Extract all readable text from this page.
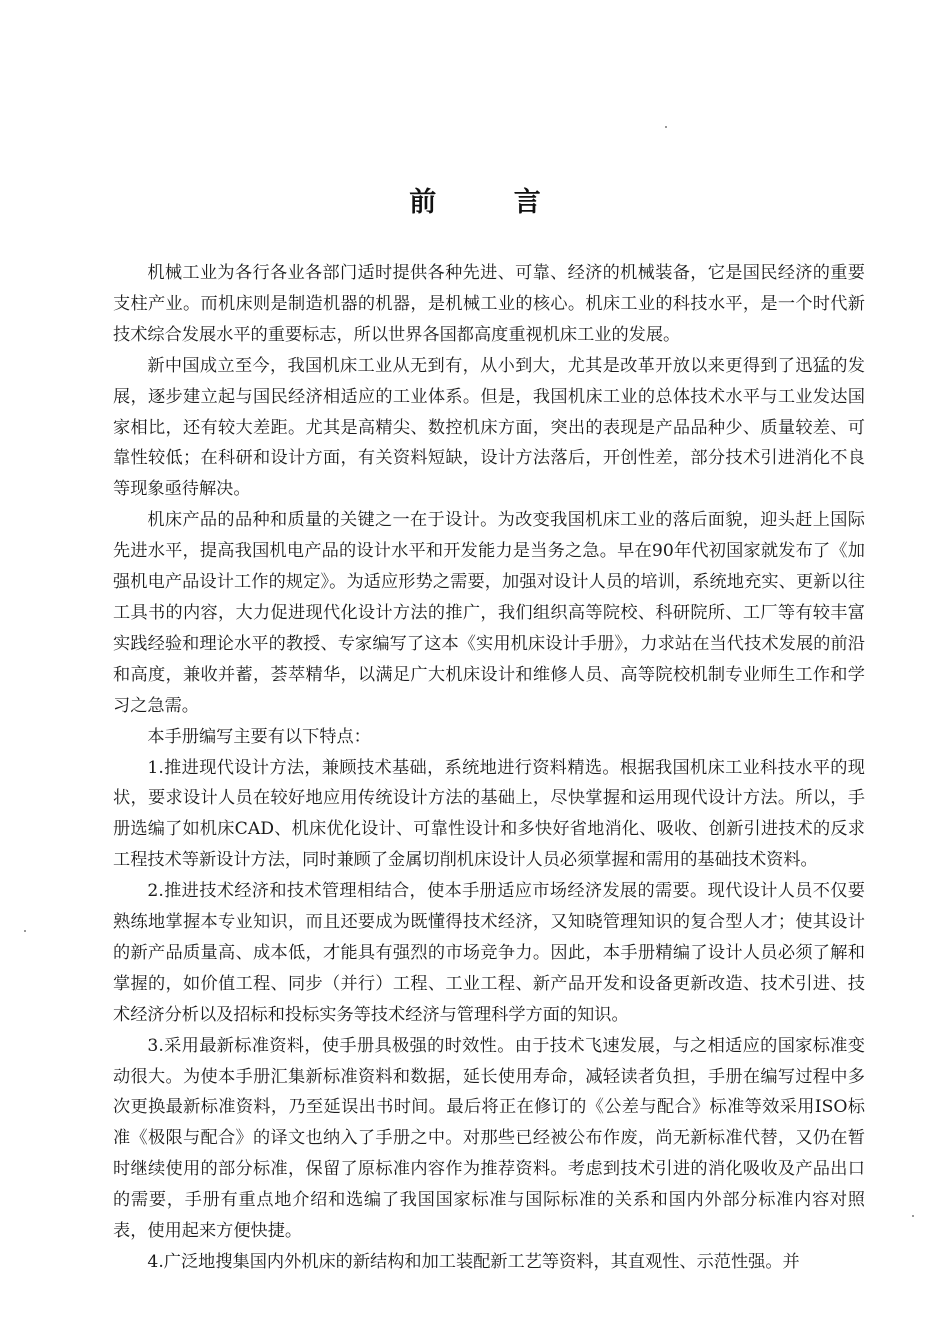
前 言

机械工业为各行各业各部门适时提供各种先进、可靠、经济的机械装备，它是国民经济的重要支柱产业。而机床则是制造机器的机器，是机械工业的核心。机床工业的科技水平，是一个时代新技术综合发展水平的重要标志，所以世界各国都高度重视机床工业的发展。

新中国成立至今，我国机床工业从无到有，从小到大，尤其是改革开放以来更得到了迅猛的发展，逐步建立起与国民经济相适应的工业体系。但是，我国机床工业的总体技术水平与工业发达国家相比，还有较大差距。尤其是高精尖、数控机床方面，突出的表现是产品品种少、质量较差、可靠性较低；在科研和设计方面，有关资料短缺，设计方法落后，开创性差，部分技术引进消化不良等现象亟待解决。

机床产品的品种和质量的关键之一在于设计。为改变我国机床工业的落后面貌，迎头赶上国际先进水平，提高我国机电产品的设计水平和开发能力是当务之急。早在90年代初国家就发布了《加强机电产品设计工作的规定》。为适应形势之需要，加强对设计人员的培训，系统地充实、更新以往工具书的内容，大力促进现代化设计方法的推广，我们组织高等院校、科研院所、工厂等有较丰富实践经验和理论水平的教授、专家编写了这本《实用机床设计手册》，力求站在当代技术发展的前沿和高度，兼收并蓄，荟萃精华，以满足广大机床设计和维修人员、高等院校机制专业师生工作和学习之急需。

本手册编写主要有以下特点：

1.推进现代设计方法，兼顾技术基础，系统地进行资料精选。根据我国机床工业科技水平的现状，要求设计人员在较好地应用传统设计方法的基础上，尽快掌握和运用现代设计方法。所以，手册选编了如机床CAD、机床优化设计、可靠性设计和多快好省地消化、吸收、创新引进技术的反求工程技术等新设计方法，同时兼顾了金属切削机床设计人员必须掌握和需用的基础技术资料。

2.推进技术经济和技术管理相结合，使本手册适应市场经济发展的需要。现代设计人员不仅要熟练地掌握本专业知识，而且还要成为既懂得技术经济，又知晓管理知识的复合型人才；使其设计的新产品质量高、成本低，才能具有强烈的市场竞争力。因此，本手册精编了设计人员必须了解和掌握的，如价值工程、同步（并行）工程、工业工程、新产品开发和设备更新改造、技术引进、技术经济分析以及招标和投标实务等技术经济与管理科学方面的知识。

3.采用最新标准资料，使手册具极强的时效性。由于技术飞速发展，与之相适应的国家标准变动很大。为使本手册汇集新标准资料和数据，延长使用寿命，减轻读者负担，手册在编写过程中多次更换最新标准资料，乃至延误出书时间。最后将正在修订的《公差与配合》标准等效采用ISO标准《极限与配合》的译文也纳入了手册之中。对那些已经被公布作废，尚无新标准代替，又仍在暂时继续使用的部分标准，保留了原标准内容作为推荐资料。考虑到技术引进的消化吸收及产品出口的需要，手册有重点地介绍和选编了我国国家标准与国际标准的关系和国内外部分标准内容对照表，使用起来方便快捷。

4.广泛地搜集国内外机床的新结构和加工装配新工艺等资料，其直观性、示范性强。并
